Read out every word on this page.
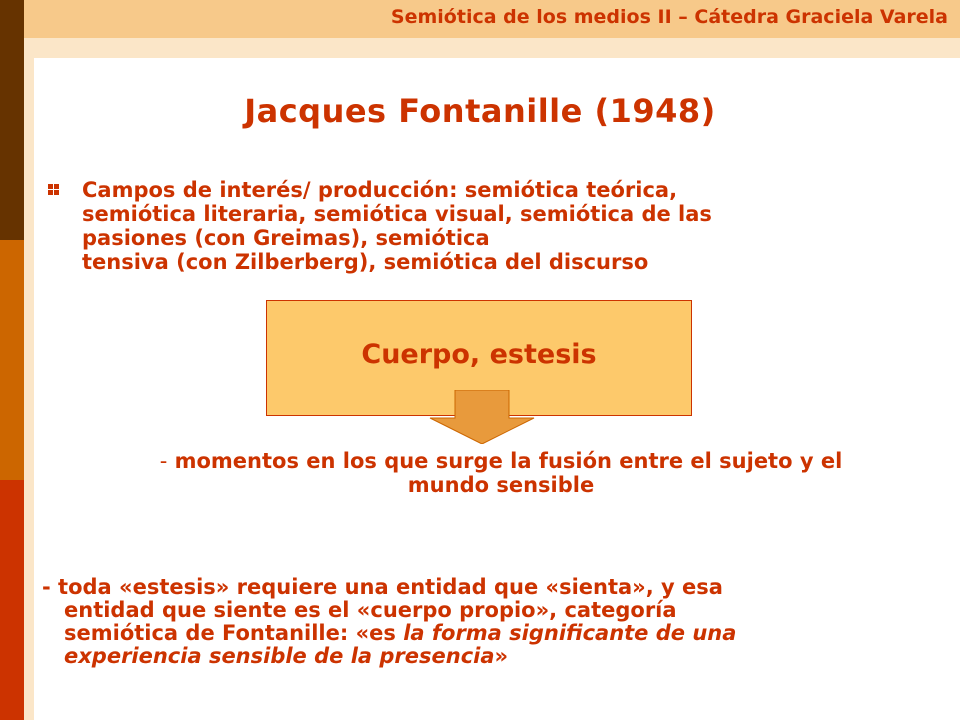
Semiótica de los medios II – Cátedra Graciela Varela
Jacques Fontanille (1948)
Campos de interés/ producción: semiótica teórica,
semiótica literaria, semiótica visual, semiótica de las
pasiones (con Greimas), semiótica
tensiva (con Zilberberg), semiótica del discurso
Cuerpo, estesis
- momentos en los que surge la fusión entre el sujeto y el
mundo sensible
- toda «estesis» requiere una entidad que «sienta», y esa
entidad que siente es el «cuerpo propio», categoría
semiótica de Fontanille: «es la forma significante de una
experiencia sensible de la presencia»
